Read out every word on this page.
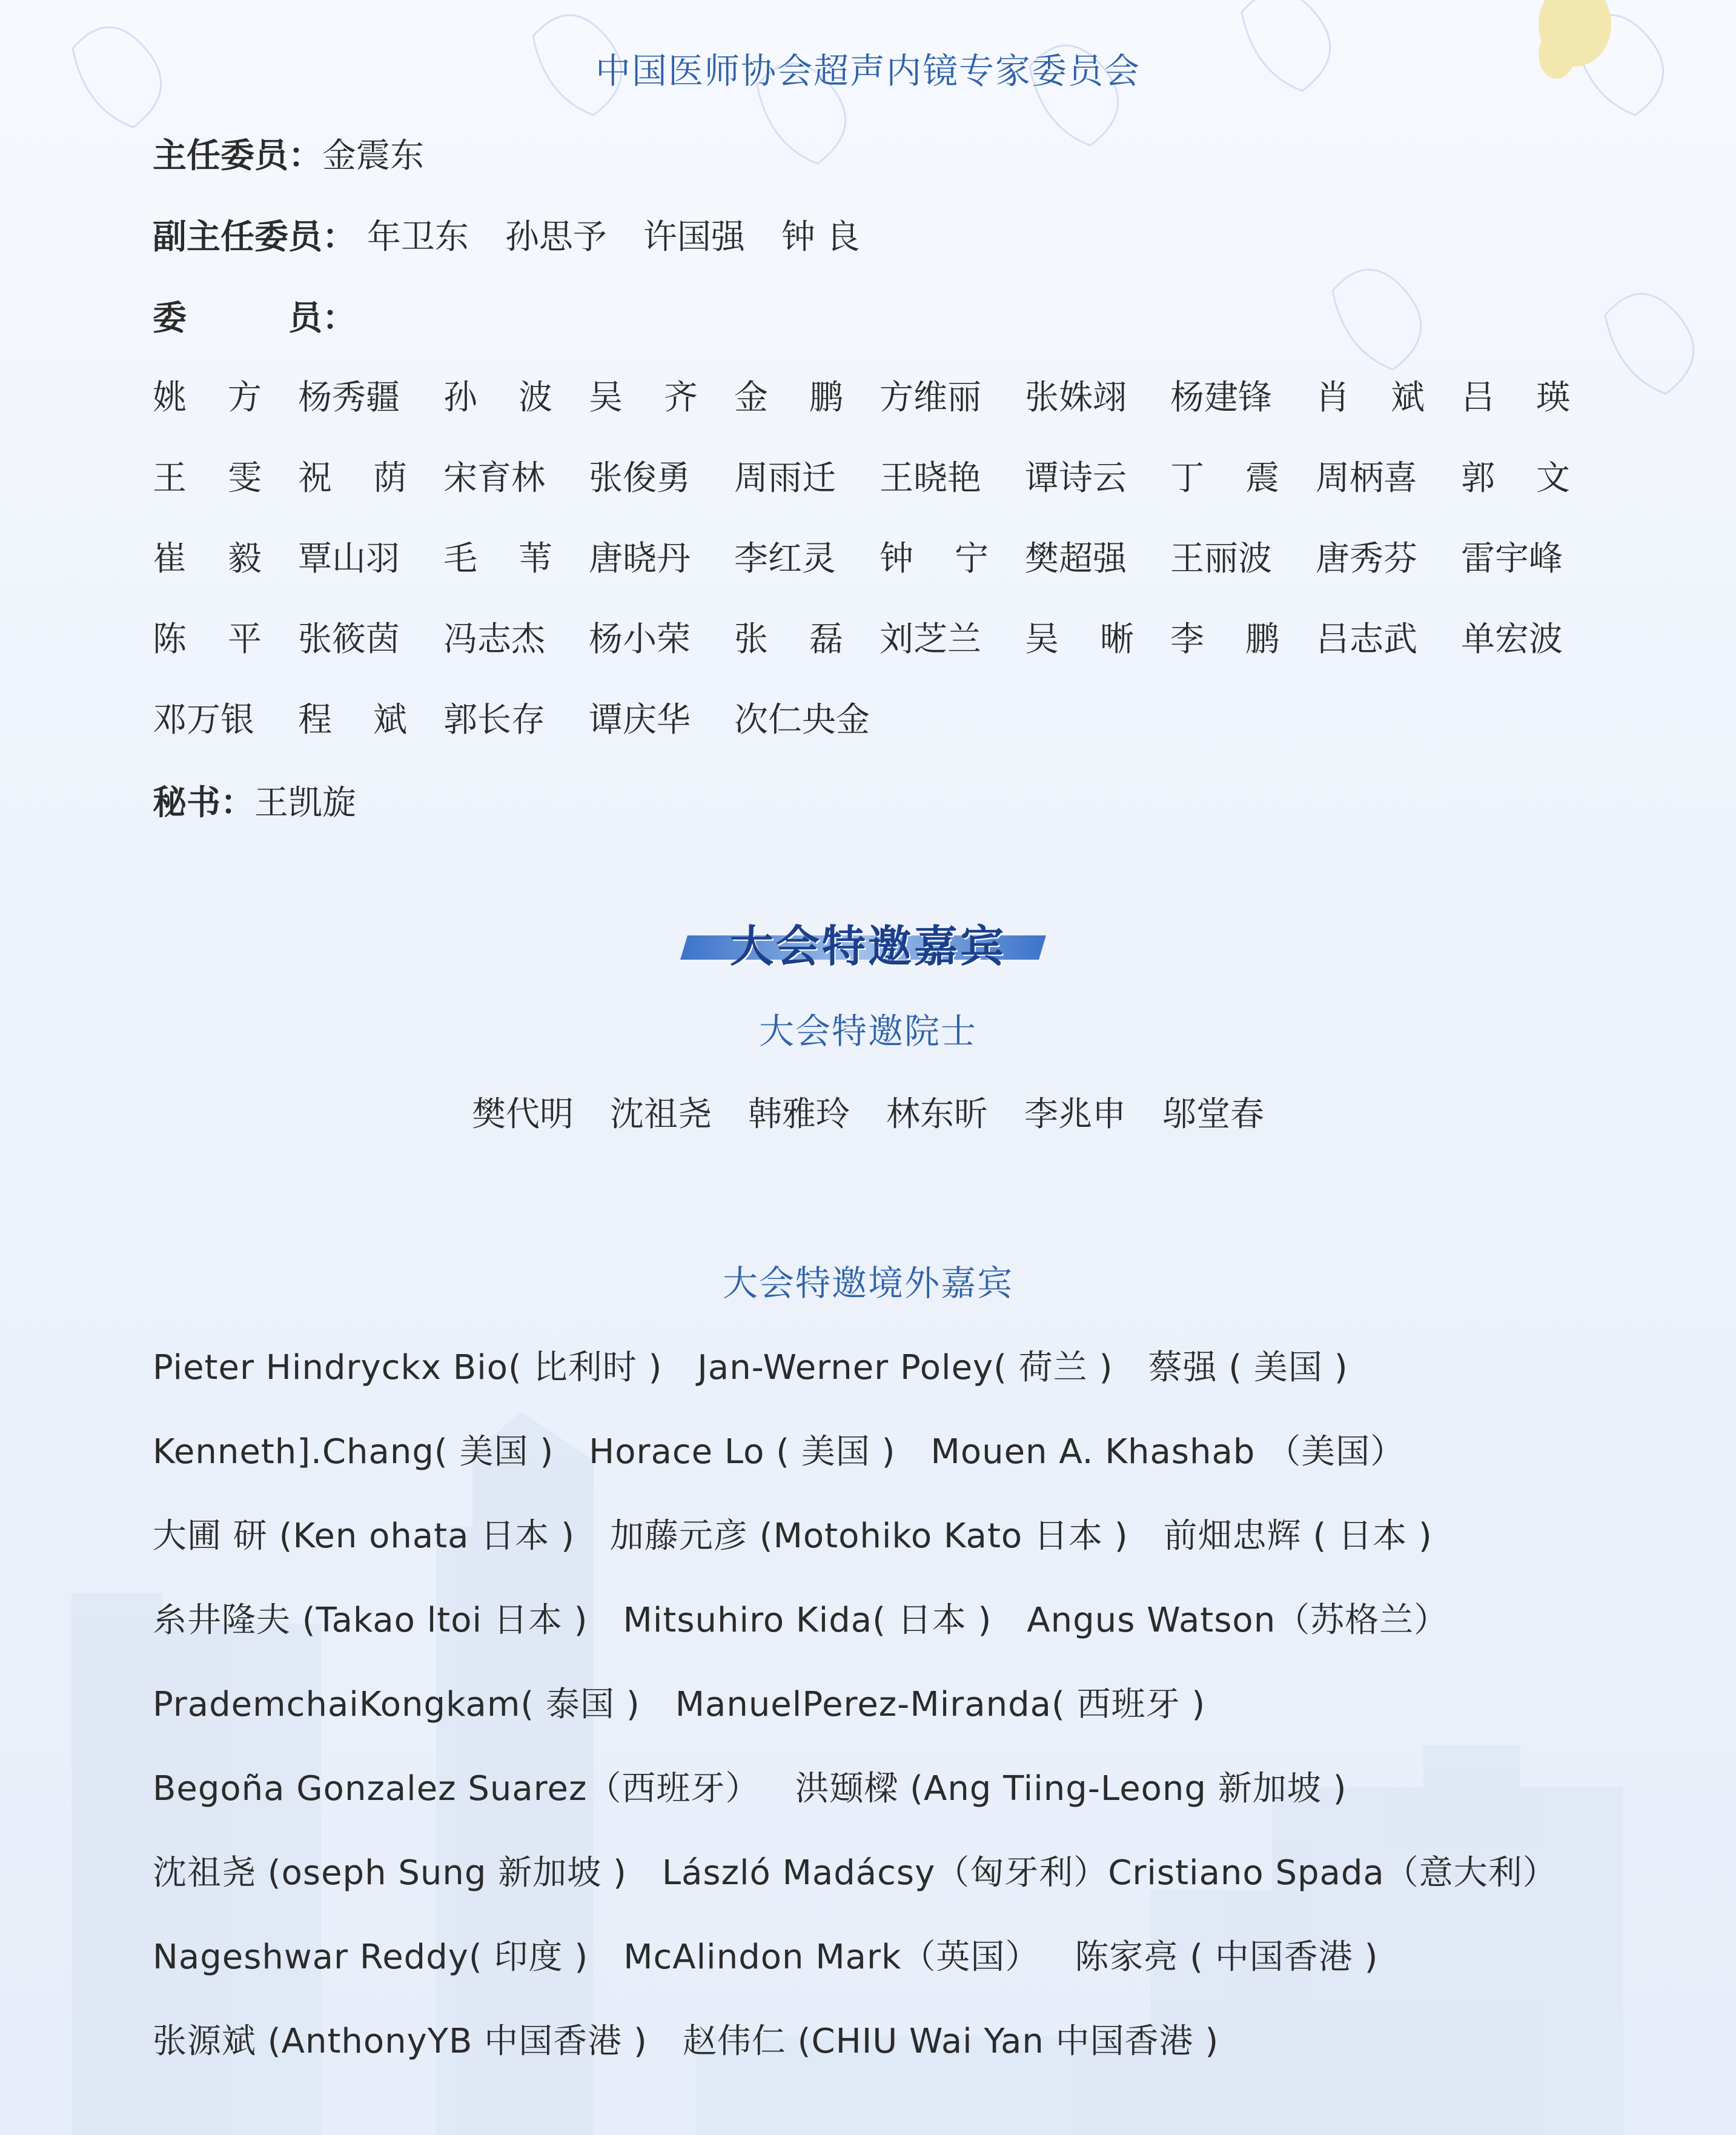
中国医师协会超声内镜专家委员会
主任委员：金震东
副主任委员： 年卫东 孙思予 许国强 钟 良
委　　　员：
姚 方 杨秀疆 孙 波 吴 齐 金 鹏 方维丽 张姝翊 杨建锋 肖 斌 吕 瑛
王 雯 祝 荫 宋育林 张俊勇 周雨迁 王晓艳 谭诗云 丁 震 周柄喜 郭 文
崔 毅 覃山羽 毛 苇 唐晓丹 李红灵 钟 宁 樊超强 王丽波 唐秀芬 雷宇峰
陈 平 张筱茵 冯志杰 杨小荣 张 磊 刘芝兰 吴 晰 李 鹏 吕志武 单宏波
邓万银 程 斌 郭长存 谭庆华 次仁央金
秘书：王凯旋
大会特邀嘉宾
大会特邀院士
樊代明 沈祖尧 韩雅玲 林东昕 李兆申 邬堂春
大会特邀境外嘉宾
Pieter Hindryckx Bio( 比利时 ) Jan-Werner Poley( 荷兰 ) 蔡强 ( 美国 )
Kenneth].Chang( 美国 ) Horace Lo ( 美国 ) Mouen A. Khashab （美国）
大圃 研 (Ken ohata 日本 ) 加藤元彦 (Motohiko Kato 日本 ) 前畑忠辉 ( 日本 )
糸井隆夫 (Takao ltoi 日本 ) Mitsuhiro Kida( 日本 ) Angus Watson（苏格兰）
PrademchaiKongkam( 泰国 ) ManuelPerez-Miranda( 西班牙 )
Begoña Gonzalez Suarez（西班牙） 洪颋樑 (Ang Tiing-Leong 新加坡 )
沈祖尧 (oseph Sung 新加坡 ) László Madácsy（匈牙利）Cristiano Spada（意大利）
Nageshwar Reddy( 印度 ) McAlindon Mark（英国） 陈家亮 ( 中国香港 )
张源斌 (AnthonyYB 中国香港 ) 赵伟仁 (CHIU Wai Yan 中国香港 )
